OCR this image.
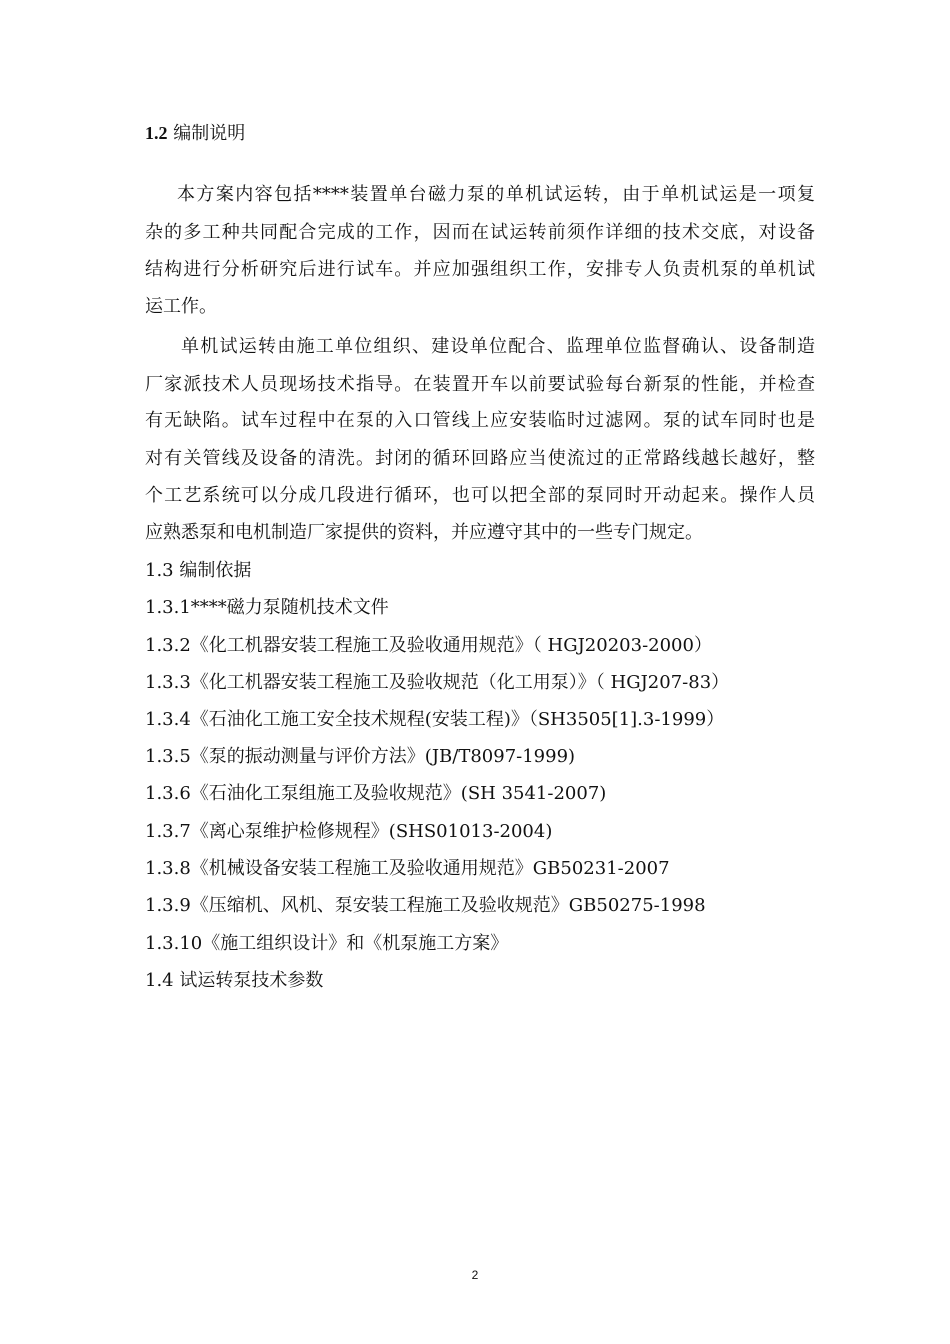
1.2 编制说明
本方案内容包括****装置单台磁力泵的单机试运转，由于单机试运是一项复
杂的多工种共同配合完成的工作，因而在试运转前须作详细的技术交底，对设备
结构进行分析研究后进行试车。并应加强组织工作，安排专人负责机泵的单机试
运工作。
单机试运转由施工单位组织、建设单位配合、监理单位监督确认、设备制造
厂家派技术人员现场技术指导。在装置开车以前要试验每台新泵的性能，并检查
有无缺陷。试车过程中在泵的入口管线上应安装临时过滤网。泵的试车同时也是
对有关管线及设备的清洗。封闭的循环回路应当使流过的正常路线越长越好，整
个工艺系统可以分成几段进行循环，也可以把全部的泵同时开动起来。操作人员
应熟悉泵和电机制造厂家提供的资料，并应遵守其中的一些专门规定。
1.3 编制依据
1.3.1****磁力泵随机技术文件
1.3.2《化工机器安装工程施工及验收通用规范》（ HGJ20203-2000）
1.3.3《化工机器安装工程施工及验收规范（化工用泵）》（ HGJ207-83）
1.3.4《石油化工施工安全技术规程(安装工程)》（SH3505[1].3-1999）
1.3.5《泵的振动测量与评价方法》(JB/T8097-1999)
1.3.6《石油化工泵组施工及验收规范》(SH 3541-2007)
1.3.7《离心泵维护检修规程》(SHS01013-2004)
1.3.8《机械设备安装工程施工及验收通用规范》GB50231-2007
1.3.9《压缩机、风机、泵安装工程施工及验收规范》GB50275-1998
1.3.10《施工组织设计》和《机泵施工方案》
1.4 试运转泵技术参数
2
